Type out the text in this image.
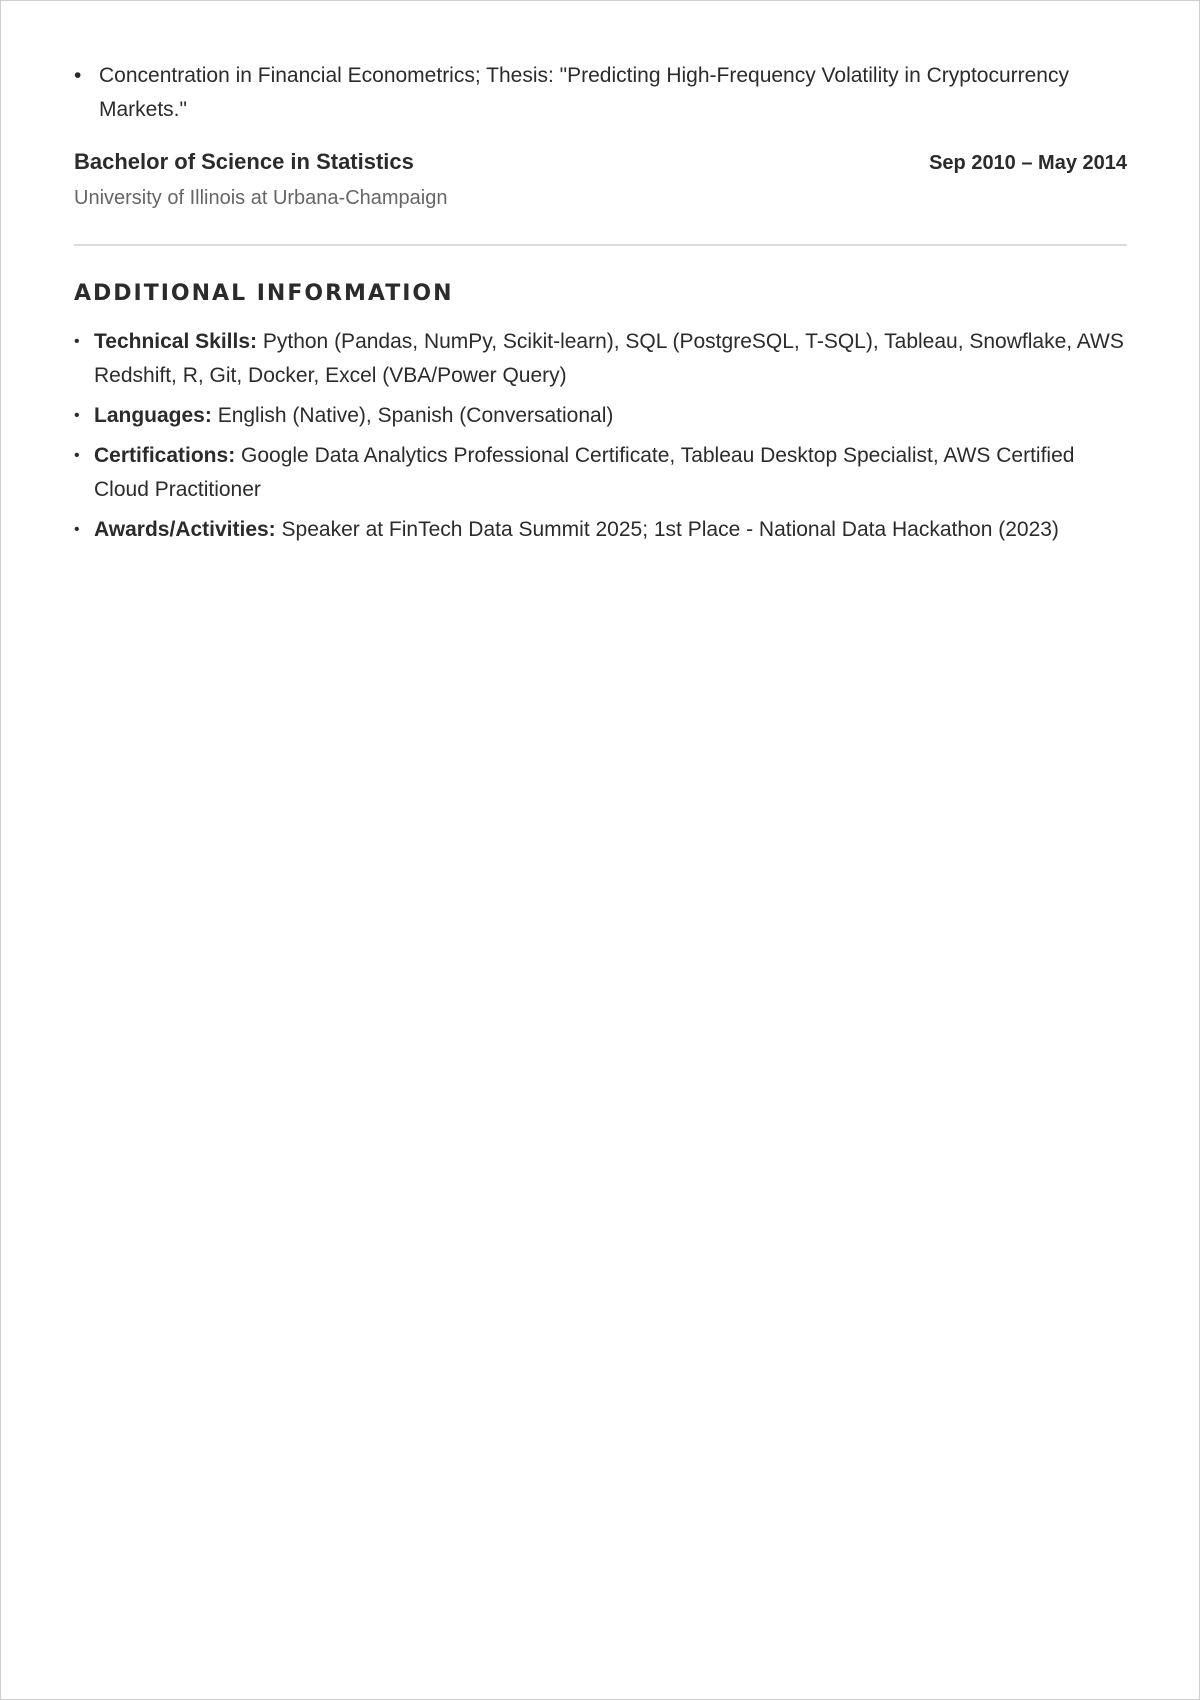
• Concentration in Financial Econometrics; Thesis: "Predicting High-Frequency Volatility in Cryptocurrency Markets."
Bachelor of Science in Statistics	Sep 2010 – May 2014
University of Illinois at Urbana-Champaign
ADDITIONAL INFORMATION
• Technical Skills: Python (Pandas, NumPy, Scikit-learn), SQL (PostgreSQL, T-SQL), Tableau, Snowflake, AWS Redshift, R, Git, Docker, Excel (VBA/Power Query)
• Languages: English (Native), Spanish (Conversational)
• Certifications: Google Data Analytics Professional Certificate, Tableau Desktop Specialist, AWS Certified Cloud Practitioner
• Awards/Activities: Speaker at FinTech Data Summit 2025; 1st Place - National Data Hackathon (2023)
